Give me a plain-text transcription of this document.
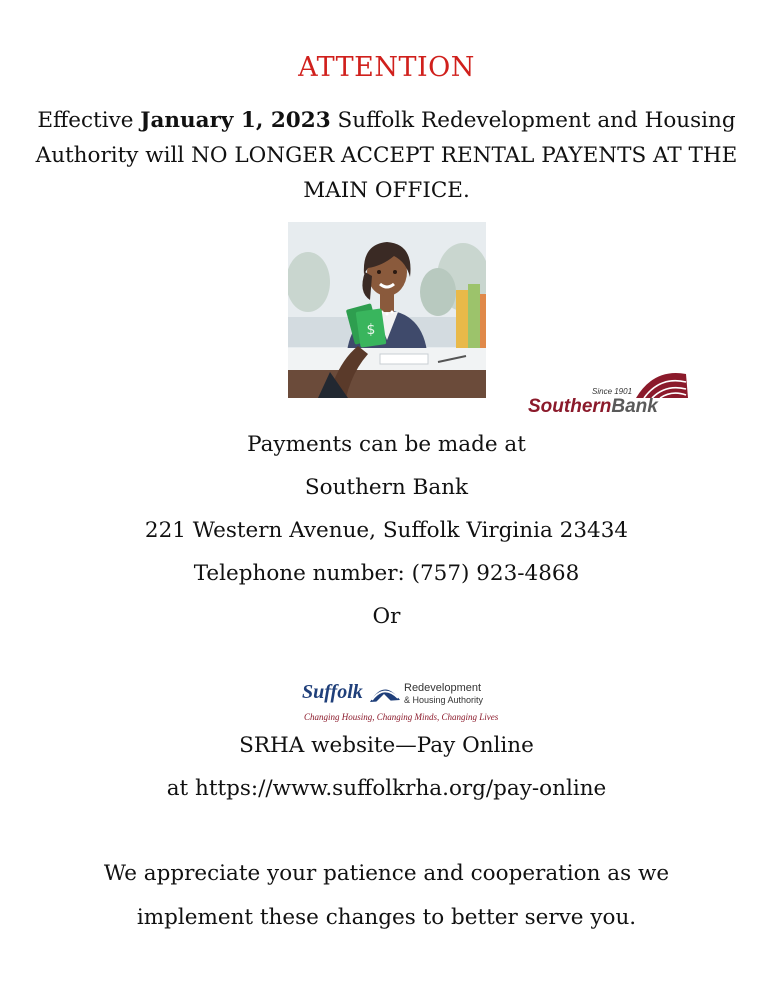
ATTENTION
Effective January 1, 2023 Suffolk Redevelopment and Housing Authority will NO LONGER ACCEPT RENTAL PAYENTS AT THE MAIN OFFICE.
$
Since 1901
SouthernBank
Payments can be made at
Southern Bank
221 Western Avenue, Suffolk Virginia 23434
Telephone number: (757) 923-4868
Or
Suffolk	Redevelopment
& Housing Authority
Changing Housing, Changing Minds, Changing Lives
SRHA website—Pay Online
at https://www.suffolkrha.org/pay-online
We appreciate your patience and cooperation as we
implement these changes to better serve you.
